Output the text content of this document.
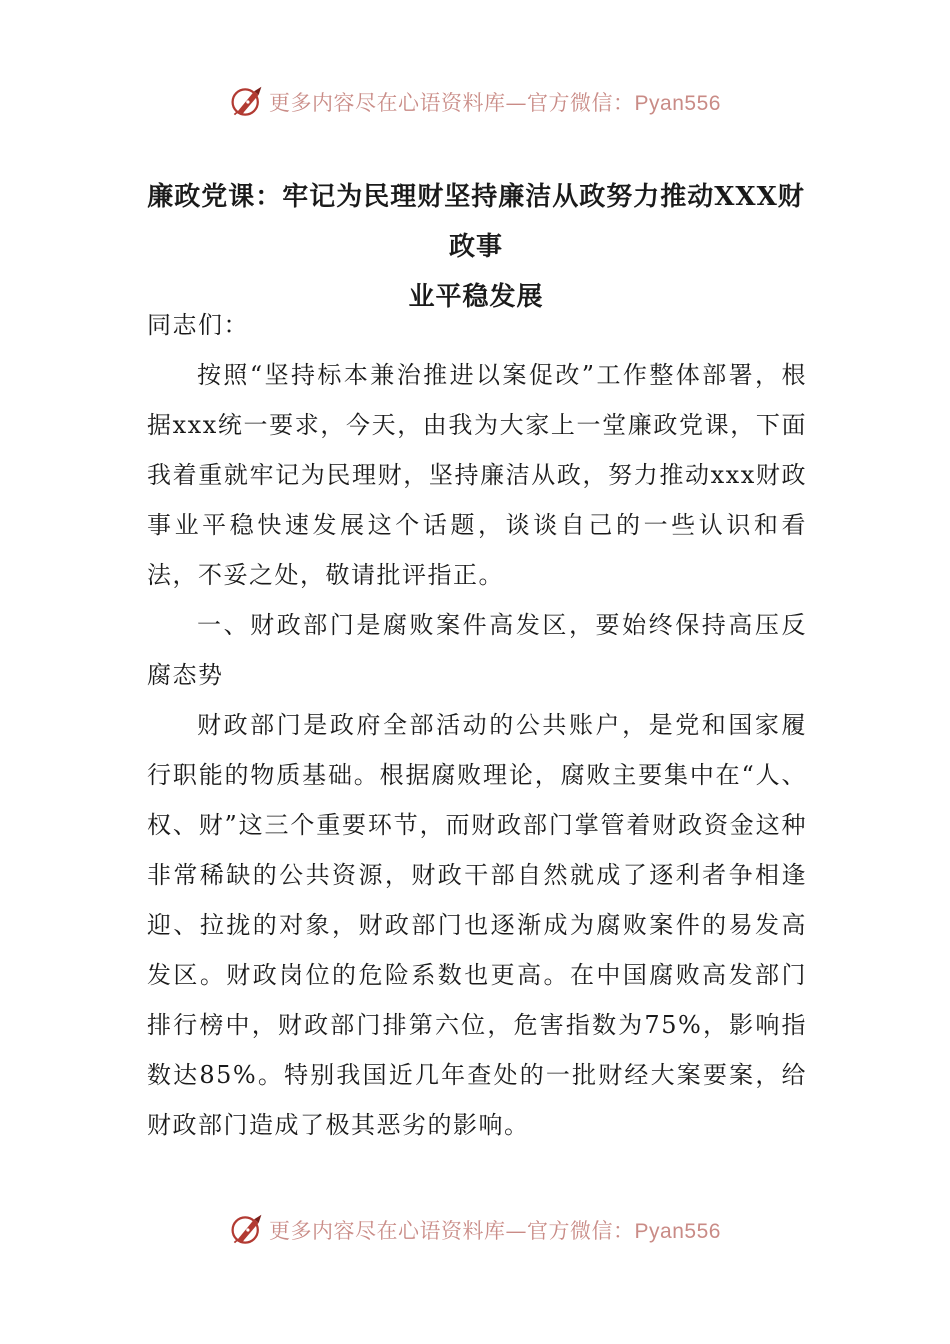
更多内容尽在心语资料库—官方微信：Pyan556
廉政党课：牢记为民理财坚持廉洁从政努力推动XXX财政事
业平稳发展

同志们：

按照“坚持标本兼治推进以案促改”工作整体部署，根据xxx统一要求，今天，由我为大家上一堂廉政党课，下面我着重就牢记为民理财，坚持廉洁从政，努力推动xxx财政事业平稳快速发展这个话题，谈谈自己的一些认识和看法，不妥之处，敬请批评指正。

一、财政部门是腐败案件高发区，要始终保持高压反腐态势

财政部门是政府全部活动的公共账户，是党和国家履行职能的物质基础。根据腐败理论，腐败主要集中在“人、权、财”这三个重要环节，而财政部门掌管着财政资金这种非常稀缺的公共资源，财政干部自然就成了逐利者争相逢迎、拉拢的对象，财政部门也逐渐成为腐败案件的易发高发区。财政岗位的危险系数也更高。在中国腐败高发部门排行榜中，财政部门排第六位，危害指数为75%，影响指数达85%。特别我国近几年查处的一批财经大案要案，给财政部门造成了极其恶劣的影响。

更多内容尽在心语资料库—官方微信：Pyan556
